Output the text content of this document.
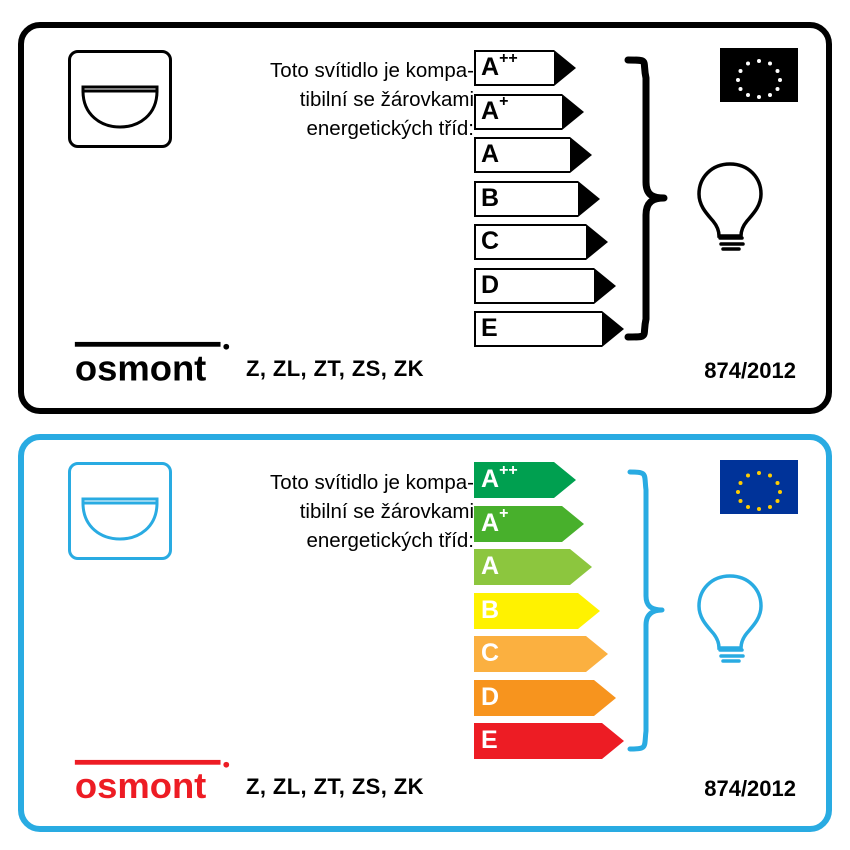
Toto svítidlo je kompa-
tibilní se žárovkami
energetických tříd:
A++
A+
A
B
C
D
E
osmont Z, ZL, ZT, ZS, ZK	874/2012
Toto svítidlo je kompa-
tibilní se žárovkami
energetických tříd:
A++
A+
A
B
C
D
E
osmont Z, ZL, ZT, ZS, ZK	874/2012
